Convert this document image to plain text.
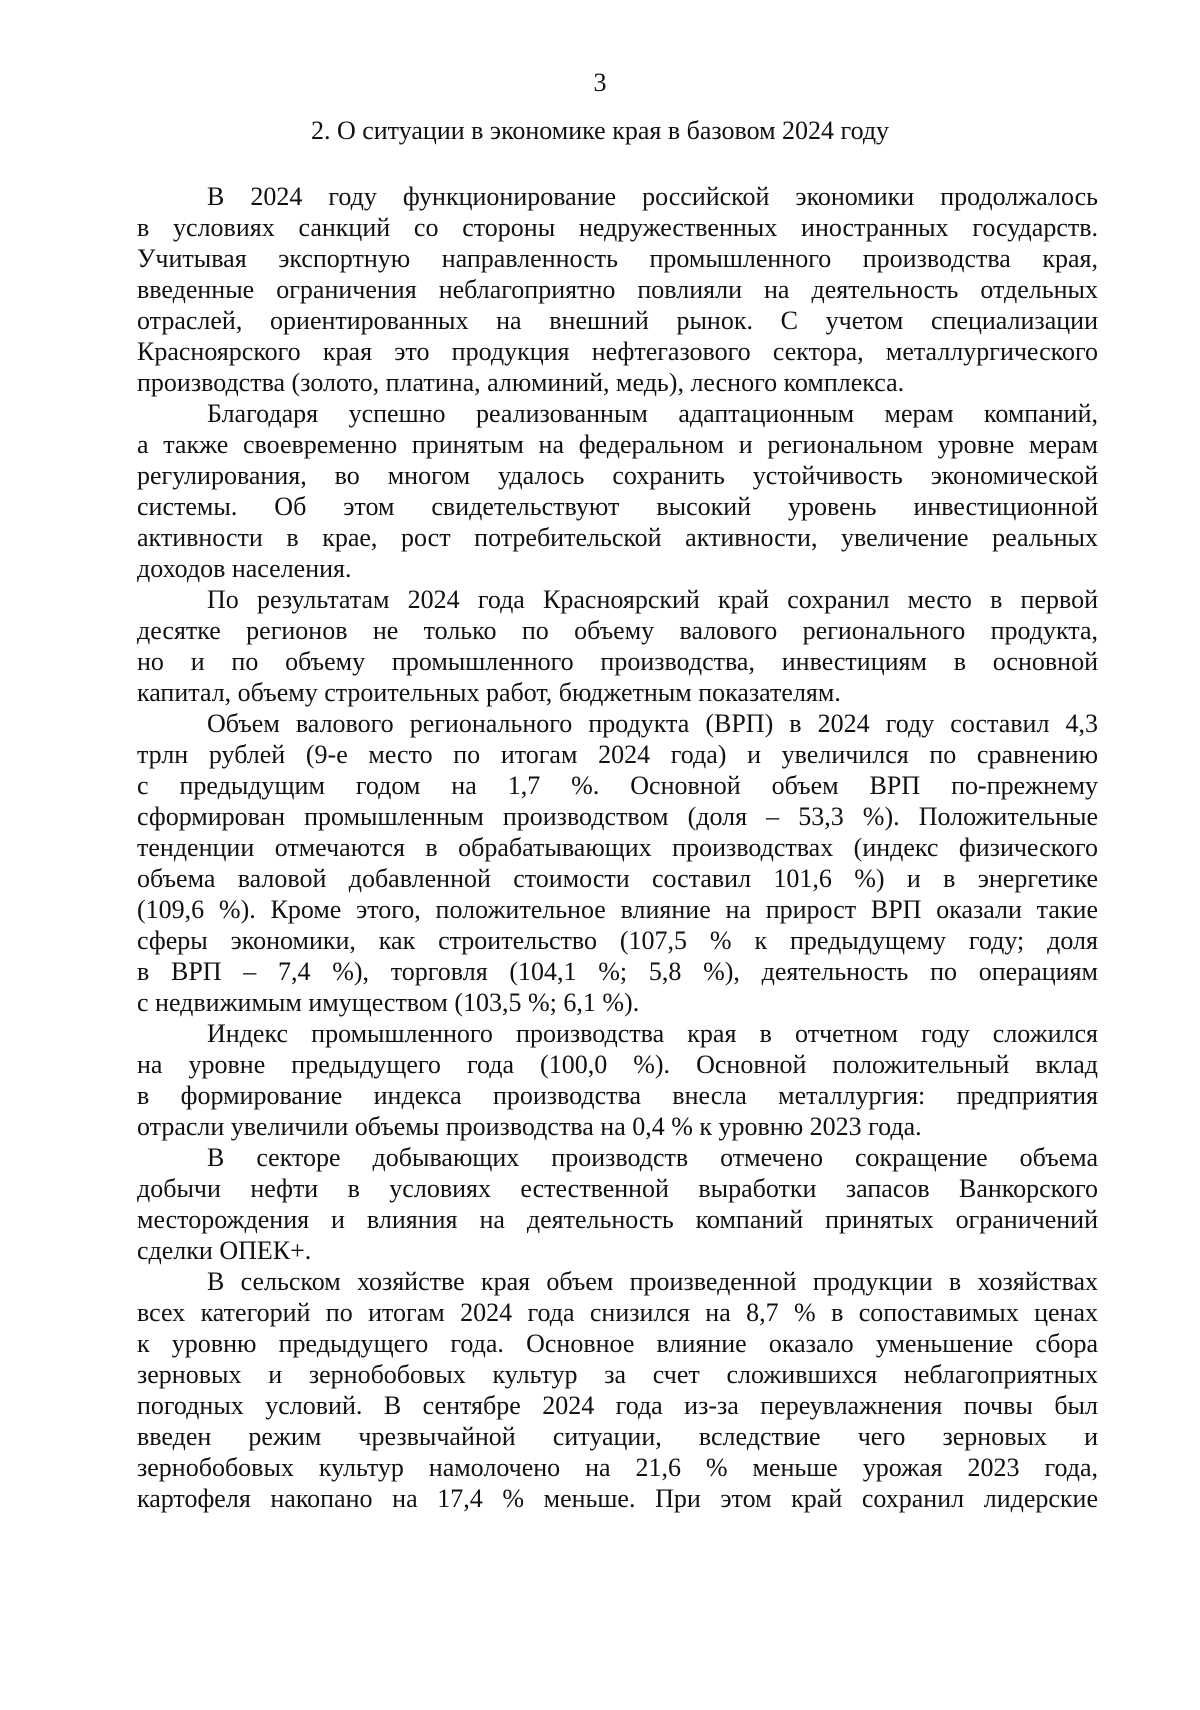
3
2. О ситуации в экономике края в базовом 2024 году
В 2024 году функционирование российской экономики продолжалось
в условиях санкций со стороны недружественных иностранных государств.
Учитывая экспортную направленность промышленного производства края,
введенные ограничения неблагоприятно повлияли на деятельность отдельных
отраслей, ориентированных на внешний рынок. С учетом специализации
Красноярского края это продукция нефтегазового сектора, металлургического
производства (золото, платина, алюминий, медь), лесного комплекса.
Благодаря успешно реализованным адаптационным мерам компаний,
а также своевременно принятым на федеральном и региональном уровне мерам
регулирования, во многом удалось сохранить устойчивость экономической
системы. Об этом свидетельствуют высокий уровень инвестиционной
активности в крае, рост потребительской активности, увеличение реальных
доходов населения.
По результатам 2024 года Красноярский край сохранил место в первой
десятке регионов не только по объему валового регионального продукта,
но и по объему промышленного производства, инвестициям в основной
капитал, объему строительных работ, бюджетным показателям.
Объем валового регионального продукта (ВРП) в 2024 году составил 4,3
трлн рублей (9-е место по итогам 2024 года) и увеличился по сравнению
с предыдущим годом на 1,7 %. Основной объем ВРП по-прежнему
сформирован промышленным производством (доля – 53,3 %). Положительные
тенденции отмечаются в обрабатывающих производствах (индекс физического
объема валовой добавленной стоимости составил 101,6 %) и в энергетике
(109,6 %). Кроме этого, положительное влияние на прирост ВРП оказали такие
сферы экономики, как строительство (107,5 % к предыдущему году; доля
в ВРП – 7,4 %), торговля (104,1 %; 5,8 %), деятельность по операциям
с недвижимым имуществом (103,5 %; 6,1 %).
Индекс промышленного производства края в отчетном году сложился
на уровне предыдущего года (100,0 %). Основной положительный вклад
в формирование индекса производства внесла металлургия: предприятия
отрасли увеличили объемы производства на 0,4 % к уровню 2023 года.
В секторе добывающих производств отмечено сокращение объема
добычи нефти в условиях естественной выработки запасов Ванкорского
месторождения и влияния на деятельность компаний принятых ограничений
сделки ОПЕК+.
В сельском хозяйстве края объем произведенной продукции в хозяйствах
всех категорий по итогам 2024 года снизился на 8,7 % в сопоставимых ценах
к уровню предыдущего года. Основное влияние оказало уменьшение сбора
зерновых и зернобобовых культур за счет сложившихся неблагоприятных
погодных условий. В сентябре 2024 года из-за переувлажнения почвы был
введен режим чрезвычайной ситуации, вследствие чего зерновых и
зернобобовых культур намолочено на 21,6 % меньше урожая 2023 года,
картофеля накопано на 17,4 % меньше. При этом край сохранил лидерские
